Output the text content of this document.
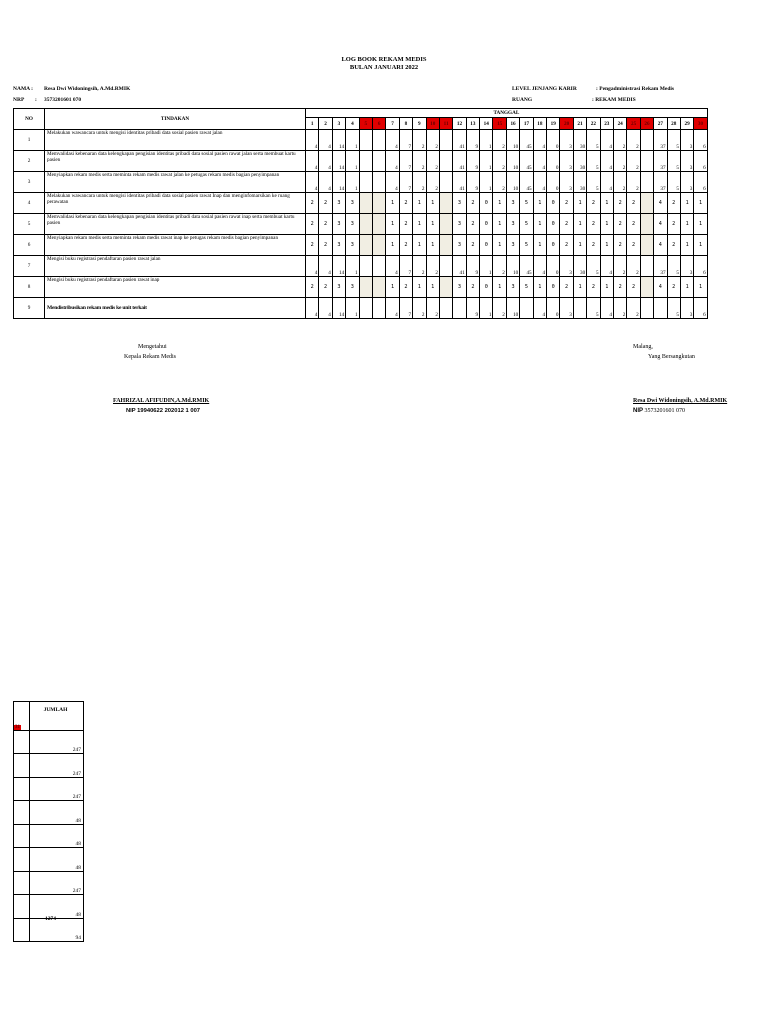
LOG BOOK REKAM MEDIS
BULAN JANUARI 2022
NAMA : Resa Dwi Widoningsih, A.Md.RMIK
NRP : 3573201601 070
LEVEL JENJANG KARIR	: Pengadministrasi Rekam Medis
RUANG	: REKAM MEDIS
NO	TINDAKAN	TANGGAL																													
		1	2	3	4	5	6	7	8	9	10	11	12	13	14	15	16	17	18	19	20	21	22	23	24	25	26	27	28	29	30
1	Melakukan wawancara untuk mengisi identitas pribadi data sosial pasien rawat jalan	4	4	14	1			4	7	2	2		41	9	1	2	10	45	4	0	3	30	5	4	2	2		37	5	3	6
2	Memvalidasi kebenaran data kelengkapan pengisian identitas pribadi data sosial pasien rawat jalan serta membuat kartu pasien	4	4	14	1			4	7	2	2		41	9	1	2	10	45	4	0	3	30	5	4	2	2		37	5	3	6
3	Menyiapkan rekam medis serta meminta rekam medis rawat jalan ke petugas rekam medis bagian penyimpanan	4	4	14	1			4	7	2	2		41	9	1	2	10	45	4	0	3	30	5	4	2	2		37	5	3	6
4	Melakukan wawancara untuk mengisi identitas pribadi data sosial pasien rawat Inap dan menginfomarsikan ke ruang perawatan	2	2	3	3			1	2	1	1		3	2	0	1	3	5	1	0	2	1	2	1	2	2		4	2	1	1
5	Memvalidasi kebenaran data kelengkapan pengisian identitas pribadi data sosial pasien rawat inap serta membuat kartu pasien	2	2	3	3			1	2	1	1		3	2	0	1	3	5	1	0	2	1	2	1	2	2		4	2	1	1
6	Menyiapkan rekam medis serta meminta rekam medis rawat inap ke petugas rekam medis bagian penyimpanan	2	2	3	3			1	2	1	1		3	2	0	1	3	5	1	0	2	1	2	1	2	2		4	2	1	1
7	Mengisi buku registrasi pendaftaran pasien rawat jalan	4	4	14	1			4	7	2	2		41	9	1	2	10	45	4	0	3	30	5	4	2	2		37	5	3	6
8	Mengisi buku registrasi pendaftaran pasien rawat inap	2	2	3	3			1	2	1	1		3	2	0	1	3	5	1	0	2	1	2	1	2	2		4	2	1	1
9	Mendistribusikan rekam medis ke unit terkait	4	4	14	1			4	7	2	2			9	1	2	10		4	0	3		5	4	2	2			5	3	6
Mengetahui
Kepala Rekam Medis
FAHRIZAL AFIFUDIN,A.Md.RMIK
NIP 19940622 202012 1 007
Malang,
Yang Bersangkutan
Resa Dwi Widoningsih, A.Md.RMIK
NIP 3573201601 070
31	JUMLAH
	247
	247
	247
	48
	48
	48
	247
	48
	94
1274
